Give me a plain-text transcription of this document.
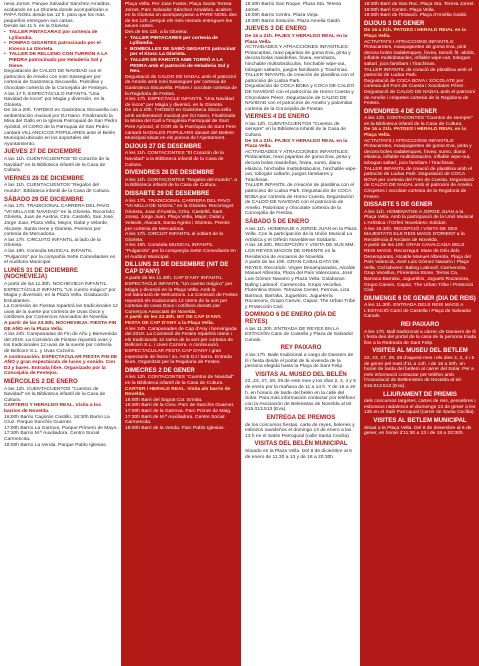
nesa Jornet. Parque Salvador Sánchez Arnaldos, acabando en La Glorieta donde acompañarán a PAPÁ NOEL desde las 12 h. para que los más pequeños entreguen sus cartas.

Desde las 11 h. en la Glorieta:

• TALLER PINTACARAS por cortesía de Lylilandia.
• POMPAS GIGANTES patrocinado por el Kiosco La Glorieta.
• TALLER DE RELLENO CON TURRÓN A LA PIEDRA patrocinado por Heladería Sol y Nieve.

Degustación de CALDO DE NAVIDAD con el patrocinio de Amelio con mini Sasseguer por cortesía de Gastroteca Siscavella. Pulmillas y chocolate cortesía de la Concejalía de Festejos.

A las 17 h. ESPECTÁCULO INFANTIL "Una Navidad de locos" por Magia y diversión, en la Glorieta.

De 16 a 20h. TARDEO en Gastroteca Siscavella con ambientación musical por DJ Nano. Finalizando la Misa del Gallo en la Iglesia Parroquial de San Pedro Apóstol, el CORO de la Parroquia de San Pedro cantará VILLANCICOS POPULARES ante el Belén Municipal ubicado en los soportales del Ayuntamiento.

JUEVES 27 DE DICIEMBRE

A las 11h. CUENTACUENTOS "El Corazón de la Navidad" en la Biblioteca infantil de la Casa de Cultura.

VIERNES 28 DE DICIEMBRE

A las 11h. CUENTACUENTOS "Regalos del mundo". Biblioteca infantil de la Casa de Cultura.

SÁBADO 29 DE DICIEMBRE

A las 17h. TRADICIONAL CARRERA DEL PAVO "VII MILLA DE NAVIDAD" en la Glorieta. Recorrido: Glorieta, Juan de Austria, Ctra. Castelló, San José, Jorge Juan, Plaza Vella, Mayor, Dalat y Velarde, Alicante, Santa Irene y Glorieta. Premios por cortesía de Mercadona.

A las 17h. CIRCUITO INFANTIL al lado de la Glorieta.

A las 19h. Comedia MUSICAL INFANTIL "Pulgarcito" por la compañía Sette Comediantes en el Auditorio Municipal.

LUNES 31 DE DICIEMBRE (NOCHEVIEJA)

A partir de las 11.30h. NOCHEVIEJA INFANTIL. ESPECTÁCULO INFANTIL "Un cuento mágico" por Magia y diversión, en la Plaza Vella. Graduación Estudiantes.

La Comisión de Fiestas repartirá las tradicionales 12 uvas de la suerte por cortesía de Uvas Doce y cotillones por Comercios Asociados de Novelda.

A partir de las 23.30h. NOCHEVIEJA. FIESTA FIN DE AÑO en la Plaza Vella.

A las 24h. Campanadas de Fin de Año y Bienvenida del 2019. La Comisión de Fiestas repartirá uvas y los tradicionales 12 uvas de la suerte por cortesía de Bellcorn S.L. y Uvas Cozorra.

A continuación, ESPECTACULAR FIESTA FIN DE AÑO y gran espectáculo de luces y sonido. Con DJ y bares. Entrada libre. Organizado por la Concejalía de Festejos.

MIÉRCOLES 2 DE ENERO

A las 12h. CUENTACUENTOS "Cuentos de Navidad" en la Biblioteca infantil de la Casa de Cultura.

CARTERO Y HERALDO REAL. Visita a los barrios de Novelda.

16:00h Barrio Cagorán Castillo. 16:30h Barrio La Cruz. Parque Sanchís Guarner.

17:00h Barrio La Garrova. Parque Primero de Mayo.

17:30h Barrio M.ª Auxiliadora. Centro Social Carmencita.

18:00h Barrio La Venda. Parque Pablo Iglesias.

Plaça Vella. Per Joan Fuster, Plaça Santa Teresa Jornet, Parc Salvador Sánchez Arnaldos, acaben en la Glorieta on acompanyaran a PARE NOEL des de les 12h. perquè els més menuts entreguen les seues cartes.

Des de les 11h. a la Glorieta:

• TALLER PINTACARES per cortesia de Lylilandia.
• BOMBOLLES DE SABÓ GEGANTS patrocinat per el Kiosc La Glorieta.
• TALLER DE FARCITS AMB TORRÓ A LA PEDRA amb el patrocini de Heladeria Sol y Neu.

Degustació de CALDO DE NADAL amb el patrocini de Amelio amb mini Sasseguer per cortesia de Gastroteca Siscavella. Pilotes i xocolate cortesia de la Regidoria de Festes.

A les 17h. ESPECTACLE INFANTIL "Una Navidad de locos" per Màgia y diversió, en la Glorieta.

De 16 a 20h. TARDEO en Gastroteca Sisca vella amb ambientació musical per DJ Nano. Finalitzada la Missa del Gall a l'Església Parroquial de Sant Pere Apòstol, el COR de la Parròquia de Sant Pere cantarà NADALES POPULARS davant del Betlem Municipal situat en els porxos de l'Ajuntament.

DIJOUS 27 DE DESEMBRE

A les 11h. CONTACONTES "El Corazón de la Navidad" a la Biblioteca infantil de la Casa de Cultura.

DIVENDRES 28 DE DESEMBRE

A les 11h. CONTACONTES "Regalos del mundo". a la Biblioteca infantil de la Casa de Cultura.

DISSABTE 29 DE DESEMBRE

A les 17h. TRADICIONAL CARRERA DEL PAVO "VII MILLA DE NADAL" en la Glorieta. Recorregut: Glorieta, Joan d'Àustria, Crtra. Castelló, Sant Josep, Jorge Juan, Plaça Vella, Major, Dalat y Velarde, Alacant, Santa Agnès i Glorieta. Premis per cortesia de Mercadona.

A les 17h. CIRCUIT INFANTIL al voltant de la Glorieta.

A les 19h. Comèdia MUSICAL INFANTIL "Pulgarcito" per la companyia Sette Comediants en el Auditori Municipal.

DILLUNS 31 DE DESEMBRE (NIT DE CAP D'ANY)

A partir de les 11.30h. CAP D'ANY INFANTIL. ESPECTACLE INFANTIL "Un cuento mágico" per Màgia y diversió en la Plaça Vella. Amb la col·laboració de Welcotrons. La Comissió de Festes repartirà els tradicionals 12 raïms de la sort per cortesia de Uvas Doce i cotillons donats per Comerços Associats de Novelda.

A partir de les 23.30h. NIT DE CAP D'ANY. FESTA DE CAP D'ANY a la Plaça Vella.

A les 24h. Campanades de Cap d'Any i benvinguda del 2019. La Comissió de Festes repartirà raïms i els tradicionals 12 raïms de la sort per cortesia de Bellcorn S.L. i Uves Cozorra. A continuació, ESPECTACULAR FESTA CAP D'ANY i gran espectacle de llums i so. Amb DJ i barra. Entrada lliure. Organitzat per la Regidoria de Festes.

DIMECRES 2 DE GENER

A les 12h. CONTACONTES "Cuentos de Navidad" en la Biblioteca infantil de la Casa de Cultura.

CARTER I HERALD REAL. Visita als barris de Novelda.

16:00h Barri del Sagrat Cor. Ermita.

16:30h Barri de la Creu. Parc de Sanchis Guarner.

17:00h Barri de la Garrova. Parc Primer de Maig.

17:30h Barri de M.ª Auxiliadora. Centre Social Carmencita.

18:00h Barri de la Venda. Parc Pablo Iglesias.

18:30h Barrio San Roque. Plaza Sta. Teresa Jornet.

19:00h Barrio Centro. Plaza Vieja.

19:30h Barrio Estación. Plaza Amelia Galdó.

JUEVES 3 DE ENERO

De 16 a 21h. PAJES Y HERALDO REAL en la Plaza Vella.

ACTIVIDADES Y ATRACCIONES INFANTILES: Pintacaritas, maxi pajaritas de goma Eva, pinta y decora bolas navideñas, fovea, servitiaza, hinchable multiobstáculos, hinchable wipe-out, tobogán saltarín, juegos familiares y Tirachinas.

TALLER INFANTIL de creación de plastilina con el patrocinio de Ludoa Park.

Degustación de COCA BOBA y COCA DE CALDO DE NAVIDAD con el patrocinio de Horno Cuesta y Chocolates Pérez. Degustación de CALDO DE NAVIDAD con el patrocinio de Amelio y palomitas cortesía de la Concejalía de Fiestas.

VIERNES 4 DE ENERO

A las 12h. CUENTACUENTOS "Cuentos de siempre" en la Biblioteca Infantil de la Casa de Cultura.

De 16 a 21h. PAJES Y HERALDO REAL en la Plaza Vella.

ACTIVIDADES Y ATRACCIONES INFANTILES: Pintacaritas, maxi pajaritas de goma Eva, pinta y decora bolas navideñas, fovea, sumo, diana elástica, hinchable multiobstáculos, hinchable wipe-out, tobogán saltarín, juegos familiares y Tirachinas.

TALLER INFANTIL de creación de plastilina con el patrocinio de Ludoa Park. Degustación de COCA BOBA por cortesía de Horno Cuesta. Degustación de CALDO DE NAVIDAD con el patrocinio de Amelio. Palomitas y chocolate cortesía de la Concejalía de Fiestas.

SÁBADO 5 DE ENERO

A las 11h. HOMENAJE A JORGE JUAN en la Plaza Vella. Con la participación de la Unión Musical La Artística y el Orfeón Noveldense Solidario.

A las 18.30h. RECEPCIÓN Y VISITA DE SUS MM. LOS REYES MAGOS DE ORIENTE en la Residencia de Ancianos de Novelda.

A partir de las 19h. GRAN CABALGATA DE REYES. Recorrido: Virgen Desamparados, Alcalde Manuel Alberola, Plaza del País Valenciano, José Luis Gómez Navarro y Plaza Vella. Colaboran: Baling Latinoof, Carmencita, Grupo Vecellus, Florentina Stone, Terrazas Center, Ferrova, Liza Barraca, Barraka, Juguetilos, Juguetería Rocamora, Grupo Canvin, Capaz, The Urban Tribe y Protección Civil.

DOMINGO 6 DE ENERO (DÍA DE REYES)

A las 11.30h. ENTRADA DE REYES EN LA ESTACIÓN Cami de Castella y Plaza de Salvador Canals.

REY PAIXARO

A las 17h. Baile tradicional a cargo de Dansers de Ili i fiesta desde el portal de la vivienda de la persona elegida hasta la Plaça de Sant Felip.

VISITAS AL MUSEO DEL BELÉN

22, 23, 27, 28, 29 de este mes y los días 2, 3, 4 y 5 de enero por la mañana de 11 a 14 h. Y de 16 a 20 h. en horario de tarde del belén en la calle del Solar. Para más información contactar por teléfono con la Asociación de Belenistas de Novelda al tel. 615.013.513 (Eva).

ENTREGA DE PREMIOS

de los concursos fiestas, carta de reyes, belenes y esbozos navideños el domingo 13 de enero a las 13 h en el Salón Parroquial (calle Santa Cecilia).

VISITAS DEL BELÉN MUNICIPAL

Situado en la Plaza Vella. Del 8 de diciembre al 6 de enero de 11:30 a 13 y de 18 a 20:30h.

18:30h Barri de San Roc. Plaça Sta. Teresa Jornet.

19:00h Barri Centre. Plaça Vella.

19:30h Barri de l'Estació. Plaça d'Amèlia Galdó.

DIJOUS 3 DE GENER

De 16 a 21h. PATGES I HERALD REIAL en la Plaça Vella.

ACTIVITATS I ATRACCIONS INFANTILS: Pintacaretes, maxipajaretes de goma Eva, pinti decora boles nadalenques, fovea, tamoll, fit ·abòlic, inflable multiobstacles, inflable wipe-out, tobogan saltarí, jocs familiars i Tirachinas.

TALLER INFANTIL de creació de plastilina amb el patrocini de Ludoa Park.

Degustació de COCA BOVA I XOCOLATE per cortesia del Forn de Cuesta i Xocolates Pérez. Degustació de CALDO DE NADAL amb el patrocini de Amelio i crispetes cortesia de la Regidoria de Festes.

DIVENDRES 4 DE GENER

A les 12h. CONTACONTES "Cuentos de siempre" en la Biblioteca infantil de la Casa de Cultura.

De 16 a 21h. PATGES I HERALD REIAL en la Plaça Vella.

ACTIVITATS I ATRACCIONS INFANTILS: Pintacaretes, maxipajaretes de goma Eva, pinta y decora boles nadalenques, fovea, sumo, diana elàstica, inflable multiobstacles, inflable wipe-out, tobogan saltarí, jocs familiars i Tirachinas.

TALLER INFANTIL de creació de plastilina amb el patrocini de Ludoa Park. Degustació de COCA BOVA per cortesia del Forn de Cuesta. Degustació de CALDO DE NADAL amb el patrocini de Amelio. Crispetes i xocolate cortesia de la Regidoria de Festes.

DISSABTE 5 DE GENER

A les 11h. HOMENATGE A JORGE JUAN a la Plaça Vella. Amb la participació de la Unió Musical L'Artística i l'Orfeó Noveldenc Solidari.

A les 18.30h. RECEPCIÓ I VISITA DE SES MAJESTATS ELS REIS MAGS D'ORIENT a la Residència d'Ancians de Novelda.

A partir de les 19h. GRAN CAVALCADA DELS REIS MAGS. Recorregut: Mare de Déu dels Desemparats, Alcalde Manuel Alberola, Plaça del País Valencià, José Luis Gómez Navarro i Plaça Vella. Col·laboren: Baling Latinoof, Carmencita, Grup Vecellus, Florentina Stone, Terras Ca, Barraca Barraka, Juguetilos, Joguets Rocamora, Grupo Canvin, Capaz, The Urban Tribe i Protecció Civil.

DIUMENGE 6 DE GENER (DIA DE REIS)

A les 11.30h. ENTRADA DELS REIS MAGS A L'ESTACIÓ Camí de Castella i Plaça de Salvador Canals.

REI PAIXARO

A les 17h. Ball tradicional a càrrec de Dansers de Ili i festa des del portal de la casa de la persona triada fins a la Redonda de Sant Felip.

VISITES AL MUSEU DEL BETLEM

22, 23, 27, 28, 29 d'aquest mes i els dies 2, 3, 4 i 5 de gener pel matí d'11 a 14h. i de 16 a 20h. en horari de tarda del betlem al carrer del Solar. Per a més informació contactar per telèfon amb l'Associació de Betlemistes de Novelda al tel. 615.013.513 (Eva).

LLIURAMENT DE PREMIS

dels concursos targetes, cartes de reis, pessebres i esbossos nadalencs el diumenge 13 de gener a les 13h en el Saló Parroquial (carrer de Santa Cecília).

VISITES AL BETLEM MUNICIPAL

Situat a la Plaça Vella. Del 8 de desembre al 6 de gener, en horari d'11:30 a 13 i de 18 a 20:30h.
